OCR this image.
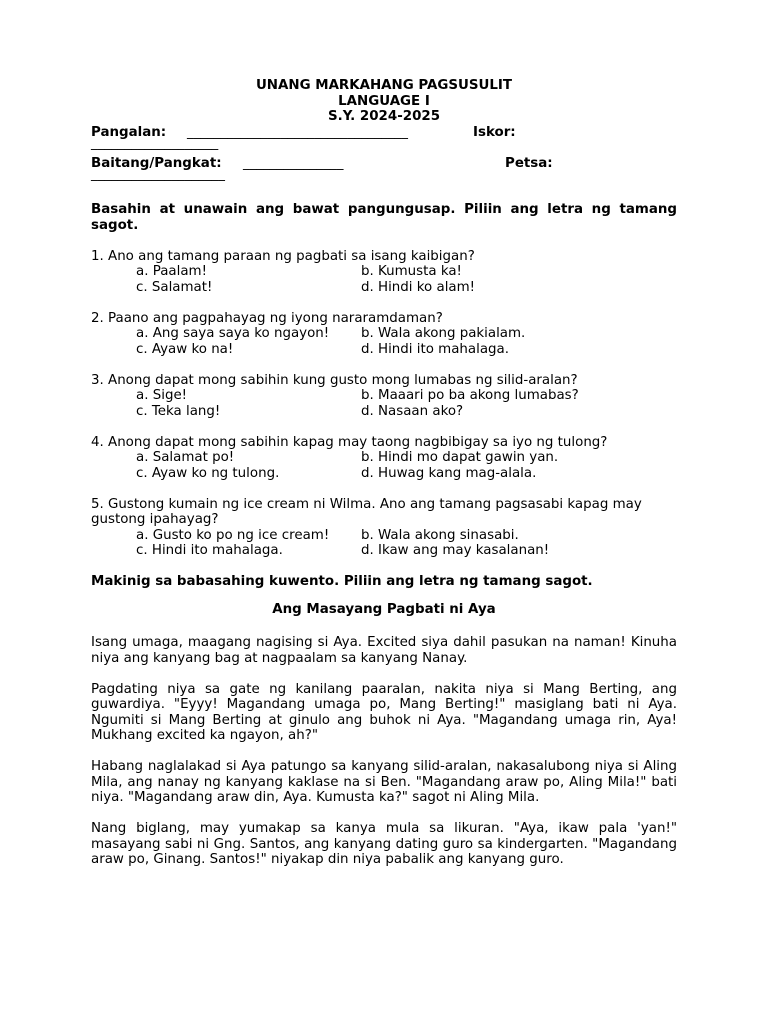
UNANG MARKAHANG PAGSUSULIT
LANGUAGE I
S.Y. 2024-2025
Pangalan: _________________________________	Iskor:
___________________
Baitang/Pangkat: _______________	Petsa:
____________________

Basahin at unawain ang bawat pangungusap. Piliin ang letra ng tamang sagot.

1. Ano ang tamang paraan ng pagbati sa isang kaibigan?

a. Paalam!	b. Kumusta ka!
c. Salamat!	d. Hindi ko alam!

2. Paano ang pagpahayag ng iyong nararamdaman?

a. Ang saya saya ko ngayon! b. Wala akong pakialam.
c. Ayaw ko na!	d. Hindi ito mahalaga.

3. Anong dapat mong sabihin kung gusto mong lumabas ng silid-aralan?

a. Sige!	b. Maaari po ba akong lumabas?
c. Teka lang!	d. Nasaan ako?

4. Anong dapat mong sabihin kapag may taong nagbibigay sa iyo ng tulong?

a. Salamat po!	b. Hindi mo dapat gawin yan.
c. Ayaw ko ng tulong.	d. Huwag kang mag-alala.

5. Gustong kumain ng ice cream ni Wilma. Ano ang tamang pagsasabi kapag may gustong ipahayag?

a. Gusto ko po ng ice cream! b. Wala akong sinasabi.
c. Hindi ito mahalaga.	d. Ikaw ang may kasalanan!

Makinig sa babasahing kuwento. Piliin ang letra ng tamang sagot.

Ang Masayang Pagbati ni Aya

Isang umaga, maagang nagising si Aya. Excited siya dahil pasukan na naman! Kinuha niya ang kanyang bag at nagpaalam sa kanyang Nanay.

Pagdating niya sa gate ng kanilang paaralan, nakita niya si Mang Berting, ang guwardiya. "Eyyy! Magandang umaga po, Mang Berting!" masiglang bati ni Aya. Ngumiti si Mang Berting at ginulo ang buhok ni Aya. "Magandang umaga rin, Aya! Mukhang excited ka ngayon, ah?"

Habang naglalakad si Aya patungo sa kanyang silid-aralan, nakasalubong niya si Aling Mila, ang nanay ng kanyang kaklase na si Ben. "Magandang araw po, Aling Mila!" bati niya. "Magandang araw din, Aya. Kumusta ka?" sagot ni Aling Mila.

Nang biglang, may yumakap sa kanya mula sa likuran. "Aya, ikaw pala 'yan!" masayang sabi ni Gng. Santos, ang kanyang dating guro sa kindergarten. "Magandang araw po, Ginang. Santos!" niyakap din niya pabalik ang kanyang guro.
